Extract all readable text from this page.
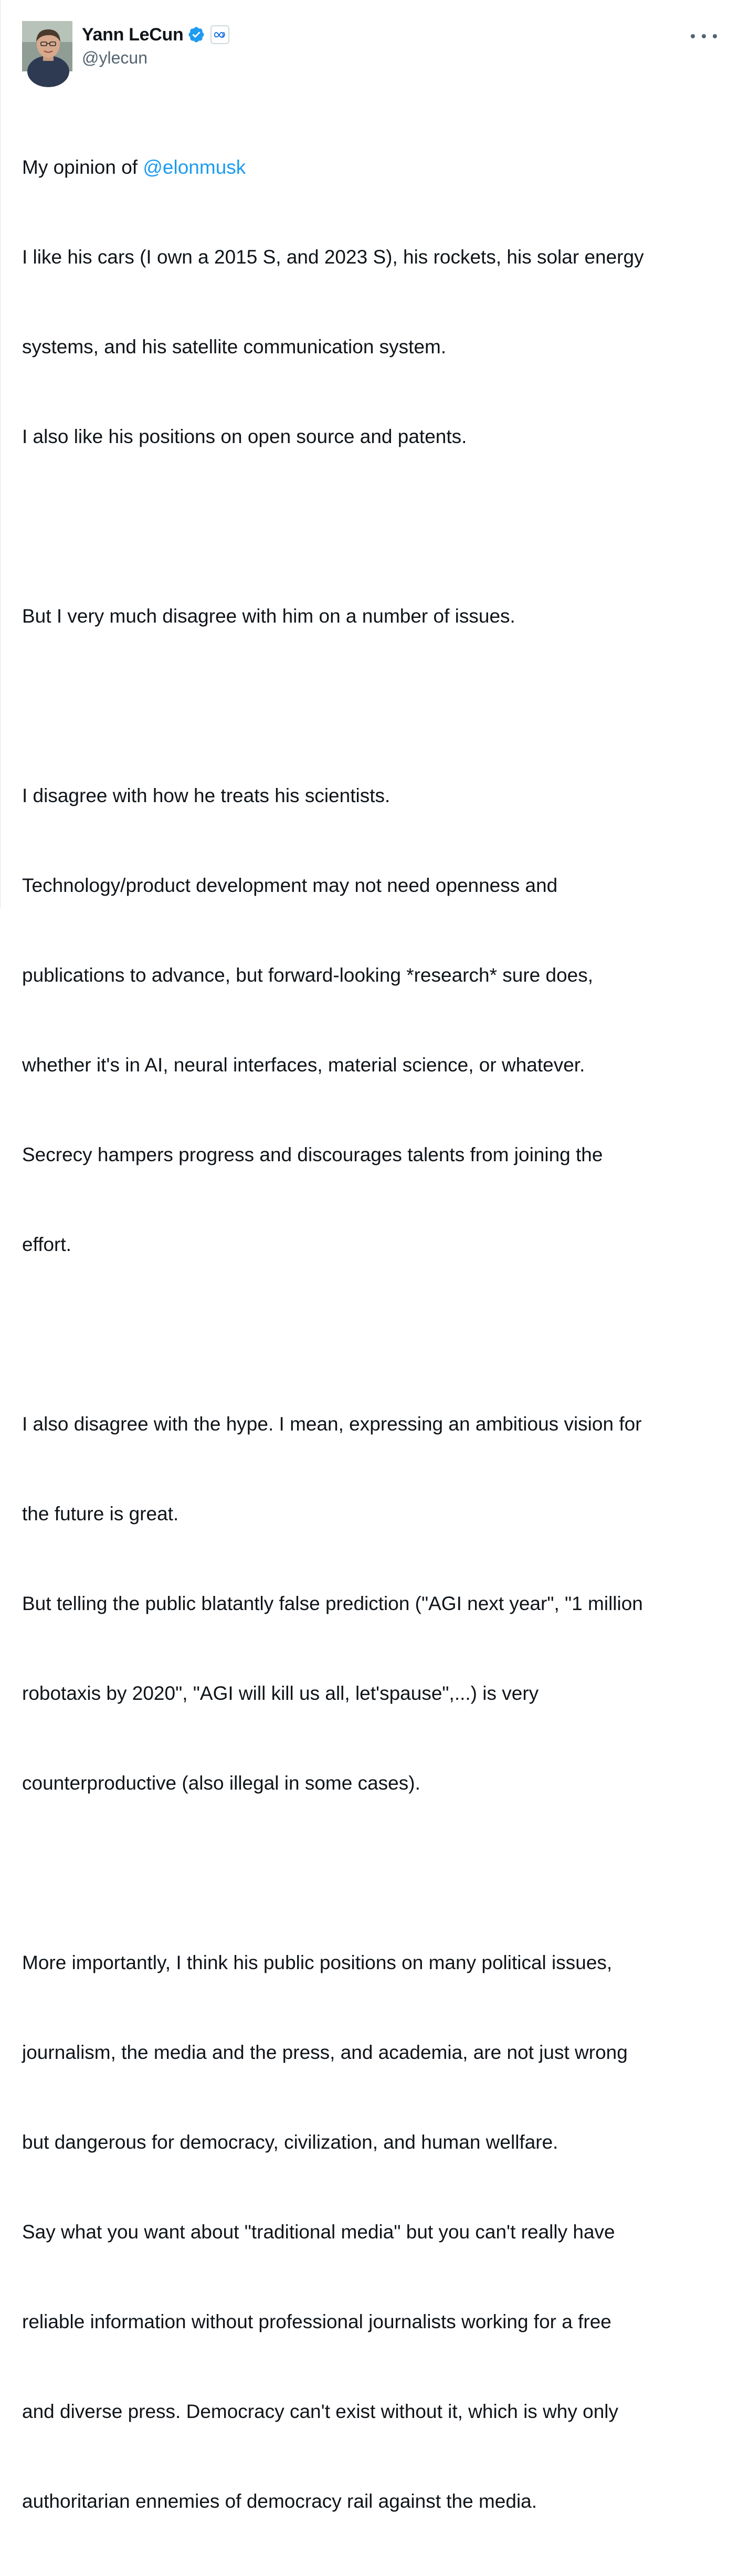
Yann LeCun
@ylecun

My opinion of @elonmusk

I like his cars (I own a 2015 S, and 2023 S), his rockets, his solar energy

systems, and his satellite communication system.

I also like his positions on open source and patents.

But I very much disagree with him on a number of issues.

I disagree with how he treats his scientists.

Technology/product development may not need openness and

publications to advance, but forward-looking *research* sure does,

whether it's in AI, neural interfaces, material science, or whatever.

Secrecy hampers progress and discourages talents from joining the

effort.

I also disagree with the hype. I mean, expressing an ambitious vision for

the future is great.

But telling the public blatantly false prediction ("AGI next year", "1 million

robotaxis by 2020", "AGI will kill us all, let'spause",...) is very

counterproductive (also illegal in some cases).

More importantly, I think his public positions on many political issues,

journalism, the media and the press, and academia, are not just wrong

but dangerous for democracy, civilization, and human wellfare.

Say what you want about "traditional media" but you can't really have

reliable information without professional journalists working for a free

and diverse press. Democracy can't exist without it, which is why only

authoritarian ennemies of democracy rail against the media.
